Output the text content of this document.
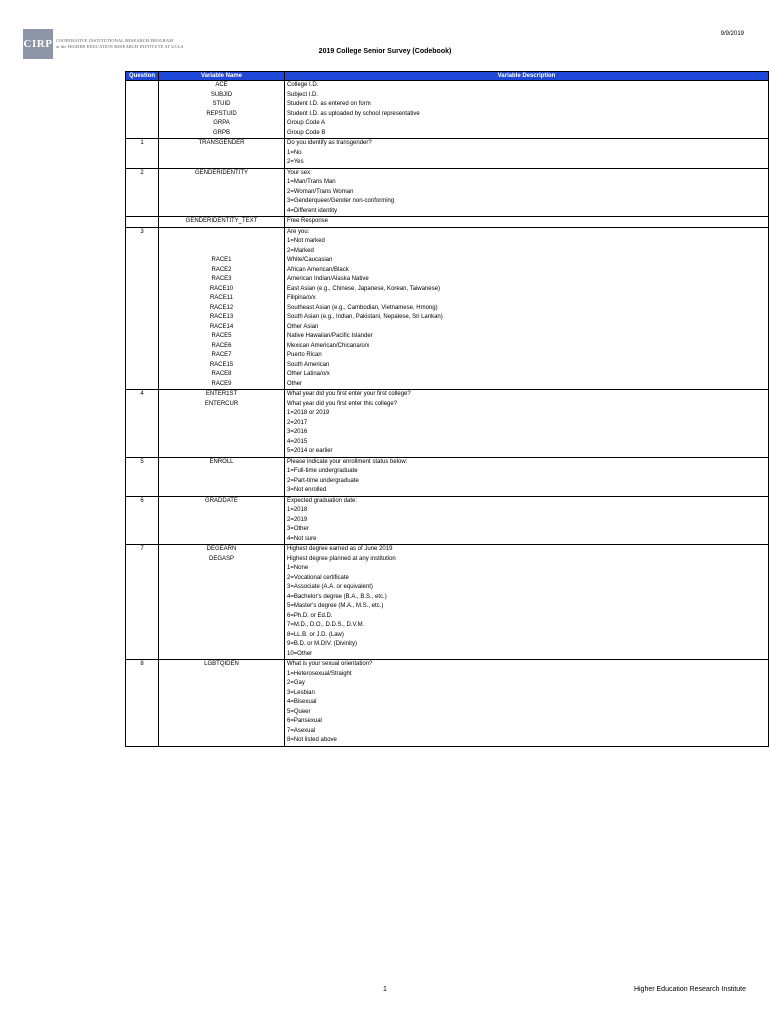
9/9/2019
CIRP COOPERATIVE INSTITUTIONAL RESEARCH PROGRAM
at the HIGHER EDUCATION RESEARCH INSTITUTE AT UCLA
2019 College Senior Survey (Codebook)
Question	Variable Name	Variable Description
	ACE	College I.D.
	SUBJID	Subject I.D.
	STUID	Student I.D. as entered on form
	REPSTUID	Student I.D. as uploaded by school representative
	GRPA	Group Code A
	GRPB	Group Code B
1	TRANSGENDER	Do you identify as transgender?
		1=No
		2=Yes
2	GENDERIDENTITY	Your sex:
		1=Man/Trans Man
		2=Woman/Trans Woman
		3=Genderqueer/Gender non-conforming
		4=Different identity
	GENDERIDENTITY_TEXT	Free Response
3		Are you:
		1=Not marked
		2=Marked
	RACE1	White/Caucasian
	RACE2	African American/Black
	RACE3	American Indian/Alaska Native
	RACE10	East Asian (e.g., Chinese, Japanese, Korean, Taiwanese)
	RACE11	Filipina/o/x
	RACE12	Southeast Asian (e.g., Cambodian, Vietnamese, Hmong)
	RACE13	South Asian (e.g., Indian, Pakistani, Nepalese, Sri Lankan)
	RACE14	Other Asian
	RACE5	Native Hawaiian/Pacific Islander
	RACE6	Mexican American/Chicana/o/x
	RACE7	Puerto Rican
	RACE15	South American
	RACE8	Other Latina/o/x
	RACE9	Other
4	ENTER1ST	What year did you first enter your first college?
	ENTERCUR	What year did you first enter this college?
		1=2018 or 2019
		2=2017
		3=2016
		4=2015
		5=2014 or earlier
5	ENROLL	Please indicate your enrollment status below:
		1=Full-time undergraduate
		2=Part-time undergraduate
		3=Not enrolled
6	GRADDATE	Expected graduation date:
		1=2018
		2=2019
		3=Other
		4=Not sure
7	DEGEARN	Highest degree earned as of June 2019
	DEGASP	Highest degree planned at any institution
		1=None
		2=Vocational certificate
		3=Associate (A.A. or equivalent)
		4=Bachelor's degree (B.A., B.S., etc.)
		5=Master's degree (M.A., M.S., etc.)
		6=Ph.D. or Ed.D.
		7=M.D., D.O., D.D.S., D.V.M.
		8=LL.B. or J.D. (Law)
		9=B.D. or M.DIV. (Divinity)
		10=Other
8	LGBTQIDEN	What is your sexual orientation?
		1=Heterosexual/Straight
		2=Gay
		3=Lesbian
		4=Bisexual
		5=Queer
		6=Pansexual
		7=Asexual
		8=Not listed above
1	Higher Education Research Institute
